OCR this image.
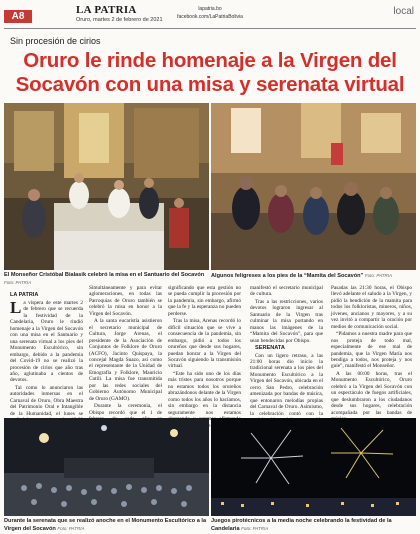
A8
LA PATRIA
Oruro, martes 2 de febrero de 2021
lapatria.bo
facebook.com/LaPatriaBolivia	local
Sin procesión de cirios
Oruro le rinde homenaje a la Virgen del Socavón con una misa y serenata virtual
El Monseñor Cristóbal Bialasik celebró la misa en el Santuario del Socavón Foto: PATRIA
Algunos feligreses a los pies de la “Mamita del Socavón” Foto: PATRIA
LA PATRIA

La víspera de este martes 2 de febrero que se recuerda la festividad de la Candelaria, Oruro le rindió homenaje a la Virgen del Socavón con una misa en el Santuario y una serenata virtual a los pies del Monumento Escultórico, sin embargo, debido a la pandemia del Covid-19 no se realizó la procesión de cirios que año tras año, aglutinaba a cientos de devotos.

Tal como lo anunciaron las autoridades inmersas en el Carnaval de Oruro, Obra Maestra del Patrimonio Oral e Intangible de la Humanidad, el lunes se

Simultáneamente y para evitar aglomeraciones, en todas las Parroquias de Oruro también se celebró la misa en honor a la Virgen del Socavón.

A la santa eucaristía asistieron el secretario municipal de Cultura, Jorge Arenas, el presidente de la Asociación de Conjuntos de Folklore de Oruro (ACFO), Jacinto Quispaya, la concejal Magda Suazo, así como el representante de la Unidad de Etnografía y Folklore, Mauricio Cutili. La misa fue transmitida por las redes sociales del Gobierno Autónomo Municipal de Oruro (GAMO).

Durante la ceremonia, el Obispo recordó que el 1 de

significando que esta gestión no se pueda cumplir la procesión por la pandemia, sin embargo, afirmó que la fe y la esperanza no pueden perderse.

Tras la misa, Arenas recordó lo difícil situación que se vive a consecuencia de la pandemia, sin embargo, pidió a todos los orureños que desde sus hogares, puedan honrar a la Virgen del Socavón siguiendo la transmisión virtual.

“Este ha sido uno de los días más tristes para nosotros porque no estamos todos los orureños abrazándonos delante de la Virgen como todos los años lo hacíamos, sin embargo en la distancia seguramente nos estamos

manifestó el secretario municipal de cultura.

Tras a las restricciones, varios devotos lograron ingresar al Santuario de la Virgen tras culminar la misa portando en manos las imágenes de la “Mamita del Socavón”, para que sean bendecidas por Obispo.

SERENATA

Con un ligero retraso, a las 21:00 horas dio inicio la tradicional serenata a los pies del Monumento Escultórico a la Virgen del Socavón, ubicada en el cerro San Pedro, celebración amenizada por bandas de música, que entonaron melodías propias del Carnaval de Oruro. Asimismo, la celebración contó con la

Pasadas las 21:30 horas, el Obispo llevó adelante el saludo a la Virgen, y pidió la bendición de la mamita para todos los folkloristas, mineros, niños, jóvenes, ancianos y mayores, y a su vez invitó a compartir la oración por medios de comunicación social.

“Pidamos a nuestra madre para que nos proteja de todo mal, especialmente de ese mal de pandemia, que la Virgen María nos bendiga a todos, nos proteja y nos guíe”, manifestó el Monseñor.

A las 00:00 horas, tras el Monumento Escultórico, Oruro celebró a la Virgen del Socavón con un espectáculo de fuegos artificiales, que deslumbraron a los ciudadanos desde sus hogares, celebración acompañada por las bandas de

Durante la serenata que se realizó anoche en el Monumento Escultórico a la Virgen del Socavón Foto: PATRIA
Juegos pirotécnicos a la media noche celebrando la festividad de la Candelaria Foto: PATRIA
